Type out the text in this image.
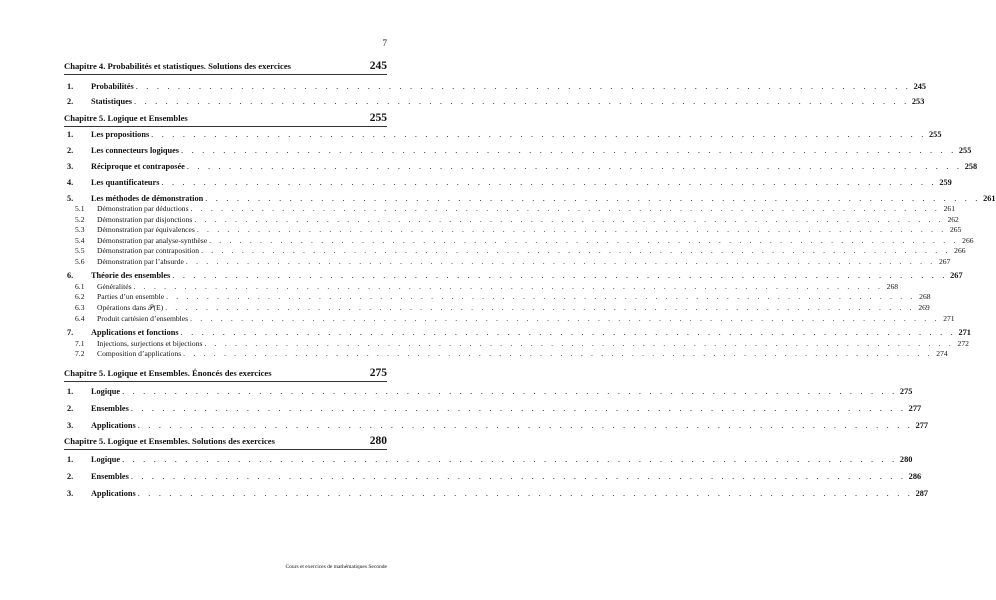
7
Chapitre 4. Probabilités et statistiques. Solutions des exercices	245
1.	Probabilités . . . . . . . . . . . . . . . . . . . . . . . . . . . . . . . . . . . . . . . . . . . . . . . . . . . . . . . . . . . . . . . . . . . . . . . . . . 245
2.	Statistiques . . . . . . . . . . . . . . . . . . . . . . . . . . . . . . . . . . . . . . . . . . . . . . . . . . . . . . . . . . . . . . . . . . . . . . . . . . 253
Chapitre 5. Logique et Ensembles	255
1.	Les propositions . . . . . . . . . . . . . . . . . . . . . . . . . . . . . . . . . . . . . . . . . . . . . . . . . . . . . . . . . . . . . . . . . . . . . . . . . . 255
2.	Les connecteurs logiques . . . . . . . . . . . . . . . . . . . . . . . . . . . . . . . . . . . . . . . . . . . . . . . . . . . . . . . . . . . . . . . . . . . . . . . . . . 255
3.	Réciproque et contraposée . . . . . . . . . . . . . . . . . . . . . . . . . . . . . . . . . . . . . . . . . . . . . . . . . . . . . . . . . . . . . . . . . . . . . . . . . . 258
4.	Les quantificateurs . . . . . . . . . . . . . . . . . . . . . . . . . . . . . . . . . . . . . . . . . . . . . . . . . . . . . . . . . . . . . . . . . . . . . . . . . . 259
5.	Les méthodes de démonstration . . . . . . . . . . . . . . . . . . . . . . . . . . . . . . . . . . . . . . . . . . . . . . . . . . . . . . . . . . . . . . . . . . . . . . . . . . 261
5.1	Démonstration par déductions . . . . . . . . . . . . . . . . . . . . . . . . . . . . . . . . . . . . . . . . . . . . . . . . . . . . . . . . . . . . . . . . . . . . . . . . . . 261
5.2	Démonstration par disjonctions . . . . . . . . . . . . . . . . . . . . . . . . . . . . . . . . . . . . . . . . . . . . . . . . . . . . . . . . . . . . . . . . . . . . . . . . . . 262
5.3	Démonstration par équivalences . . . . . . . . . . . . . . . . . . . . . . . . . . . . . . . . . . . . . . . . . . . . . . . . . . . . . . . . . . . . . . . . . . . . . . . . . . 265
5.4	Démonstration par analyse-synthèse . . . . . . . . . . . . . . . . . . . . . . . . . . . . . . . . . . . . . . . . . . . . . . . . . . . . . . . . . . . . . . . . . . . . . . . . . . 266
5.5	Démonstration par contraposition . . . . . . . . . . . . . . . . . . . . . . . . . . . . . . . . . . . . . . . . . . . . . . . . . . . . . . . . . . . . . . . . . . . . . . . . . . 266
5.6	Démonstration par l’absurde . . . . . . . . . . . . . . . . . . . . . . . . . . . . . . . . . . . . . . . . . . . . . . . . . . . . . . . . . . . . . . . . . . . . . . . . . . 267
6.	Théorie des ensembles . . . . . . . . . . . . . . . . . . . . . . . . . . . . . . . . . . . . . . . . . . . . . . . . . . . . . . . . . . . . . . . . . . . . . . . . . . 267
6.1	Généralités . . . . . . . . . . . . . . . . . . . . . . . . . . . . . . . . . . . . . . . . . . . . . . . . . . . . . . . . . . . . . . . . . . . . . . . . . . 268
6.2	Parties d’un ensemble . . . . . . . . . . . . . . . . . . . . . . . . . . . . . . . . . . . . . . . . . . . . . . . . . . . . . . . . . . . . . . . . . . . . . . . . . . 268
6.3	Opérations dans 𝒫(E) . . . . . . . . . . . . . . . . . . . . . . . . . . . . . . . . . . . . . . . . . . . . . . . . . . . . . . . . . . . . . . . . . . . . . . . . . . 269
6.4	Produit cartésien d’ensembles . . . . . . . . . . . . . . . . . . . . . . . . . . . . . . . . . . . . . . . . . . . . . . . . . . . . . . . . . . . . . . . . . . . . . . . . . . 271
7.	Applications et fonctions . . . . . . . . . . . . . . . . . . . . . . . . . . . . . . . . . . . . . . . . . . . . . . . . . . . . . . . . . . . . . . . . . . . . . . . . . . 271
7.1	Injections, surjections et bijections . . . . . . . . . . . . . . . . . . . . . . . . . . . . . . . . . . . . . . . . . . . . . . . . . . . . . . . . . . . . . . . . . . . . . . . . . . 272
7.2	Composition d’applications . . . . . . . . . . . . . . . . . . . . . . . . . . . . . . . . . . . . . . . . . . . . . . . . . . . . . . . . . . . . . . . . . . . . . . . . . . 274
Chapitre 5. Logique et Ensembles. Énoncés des exercices	275
1.	Logique . . . . . . . . . . . . . . . . . . . . . . . . . . . . . . . . . . . . . . . . . . . . . . . . . . . . . . . . . . . . . . . . . . . . . . . . . . 275
2.	Ensembles . . . . . . . . . . . . . . . . . . . . . . . . . . . . . . . . . . . . . . . . . . . . . . . . . . . . . . . . . . . . . . . . . . . . . . . . . . 277
3.	Applications . . . . . . . . . . . . . . . . . . . . . . . . . . . . . . . . . . . . . . . . . . . . . . . . . . . . . . . . . . . . . . . . . . . . . . . . . . 277
Chapitre 5. Logique et Ensembles. Solutions des exercices	280
1.	Logique . . . . . . . . . . . . . . . . . . . . . . . . . . . . . . . . . . . . . . . . . . . . . . . . . . . . . . . . . . . . . . . . . . . . . . . . . . 280
2.	Ensembles . . . . . . . . . . . . . . . . . . . . . . . . . . . . . . . . . . . . . . . . . . . . . . . . . . . . . . . . . . . . . . . . . . . . . . . . . . 286
3.	Applications . . . . . . . . . . . . . . . . . . . . . . . . . . . . . . . . . . . . . . . . . . . . . . . . . . . . . . . . . . . . . . . . . . . . . . . . . . 287
Cours et exercices de mathématiques Seconde
